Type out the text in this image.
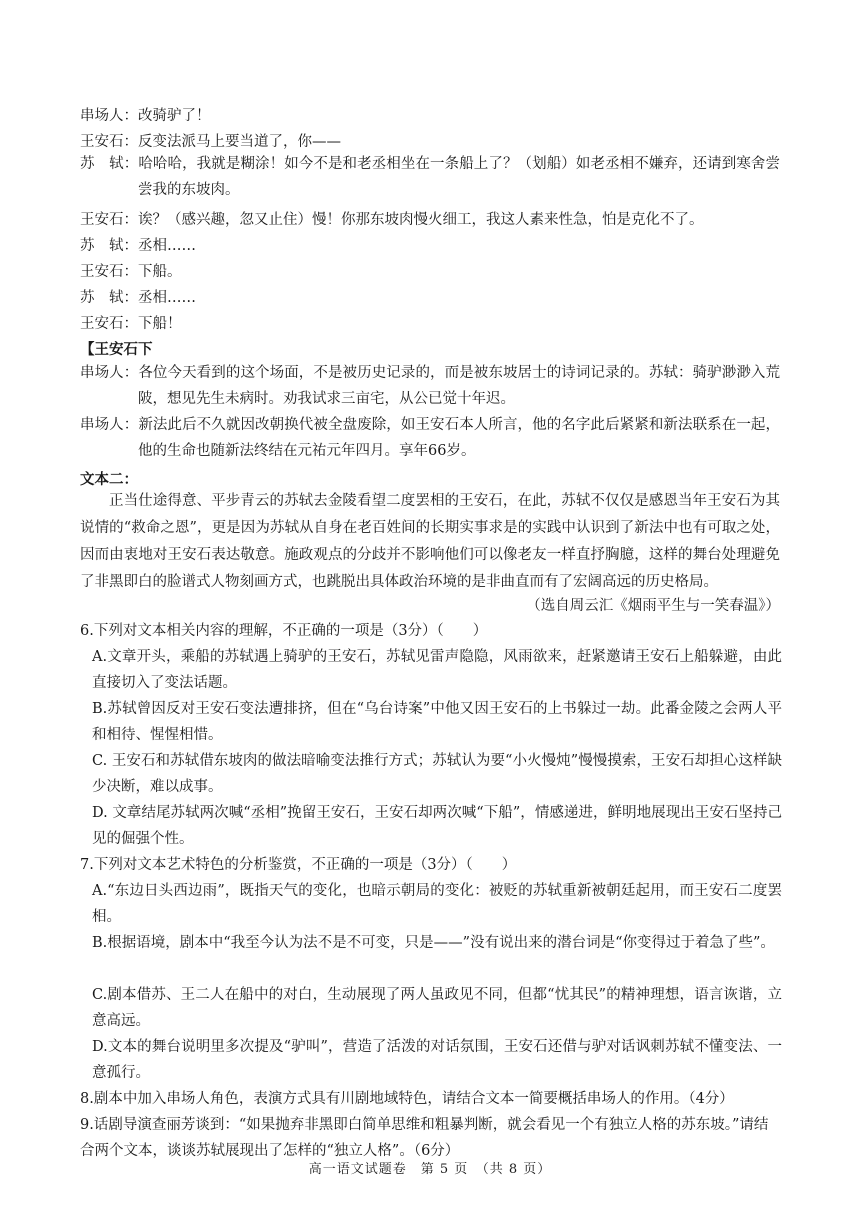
串场人：改骑驴了！
王安石：反变法派马上要当道了，你——
苏　轼：哈哈哈，我就是糊涂！如今不是和老丞相坐在一条船上了？（划船）如老丞相不嫌弃，还请到寒舍尝尝我的东坡肉。
王安石：诶？（感兴趣，忽又止住）慢！你那东坡肉慢火细工，我这人素来性急，怕是克化不了。
苏　轼：丞相……
王安石：下船。
苏　轼：丞相……
王安石：下船！
【王安石下
串场人：各位今天看到的这个场面，不是被历史记录的，而是被东坡居士的诗词记录的。苏轼：骑驴渺渺入荒陂，想见先生未病时。劝我试求三亩宅，从公已觉十年迟。
串场人：新法此后不久就因改朝换代被全盘废除，如王安石本人所言，他的名字此后紧紧和新法联系在一起，他的生命也随新法终结在元祐元年四月。享年66岁。
文本二：
正当仕途得意、平步青云的苏轼去金陵看望二度罢相的王安石，在此，苏轼不仅仅是感恩当年王安石为其说情的“救命之恩”，更是因为苏轼从自身在老百姓间的长期实事求是的实践中认识到了新法中也有可取之处，因而由衷地对王安石表达敬意。施政观点的分歧并不影响他们可以像老友一样直抒胸臆，这样的舞台处理避免了非黑即白的脸谱式人物刻画方式，也跳脱出具体政治环境的是非曲直而有了宏阔高远的历史格局。
（选自周云汇《烟雨平生与一笑春温》）
6.下列对文本相关内容的理解，不正确的一项是（3分）（　　）
A.文章开头，乘船的苏轼遇上骑驴的王安石，苏轼见雷声隐隐，风雨欲来，赶紧邀请王安石上船躲避，由此直接切入了变法话题。
B.苏轼曾因反对王安石变法遭排挤，但在“乌台诗案”中他又因王安石的上书躲过一劫。此番金陵之会两人平和相待、惺惺相惜。
C. 王安石和苏轼借东坡肉的做法暗喻变法推行方式；苏轼认为要“小火慢炖”慢慢摸索，王安石却担心这样缺少决断，难以成事。
D. 文章结尾苏轼两次喊“丞相”挽留王安石，王安石却两次喊“下船”，情感递进，鲜明地展现出王安石坚持己见的倔强个性。
7.下列对文本艺术特色的分析鉴赏，不正确的一项是（3分）（　　）
A.“东边日头西边雨”，既指天气的变化，也暗示朝局的变化：被贬的苏轼重新被朝廷起用，而王安石二度罢相。
B.根据语境，剧本中“我至今认为法不是不可变，只是——”没有说出来的潜台词是“你变得过于着急了些”。
C.剧本借苏、王二人在船中的对白，生动展现了两人虽政见不同，但都“忧其民”的精神理想，语言诙谐，立意高远。
D.文本的舞台说明里多次提及“驴叫”，营造了活泼的对话氛围，王安石还借与驴对话讽刺苏轼不懂变法、一意孤行。
8.剧本中加入串场人角色，表演方式具有川剧地域特色，请结合文本一简要概括串场人的作用。（4分）
9.话剧导演查丽芳谈到：“如果抛弃非黑即白简单思维和粗暴判断，就会看见一个有独立人格的苏东坡。”请结合两个文本，谈谈苏轼展现出了怎样的“独立人格”。（6分）
高一语文试题卷　第 5 页　（共 8 页）
